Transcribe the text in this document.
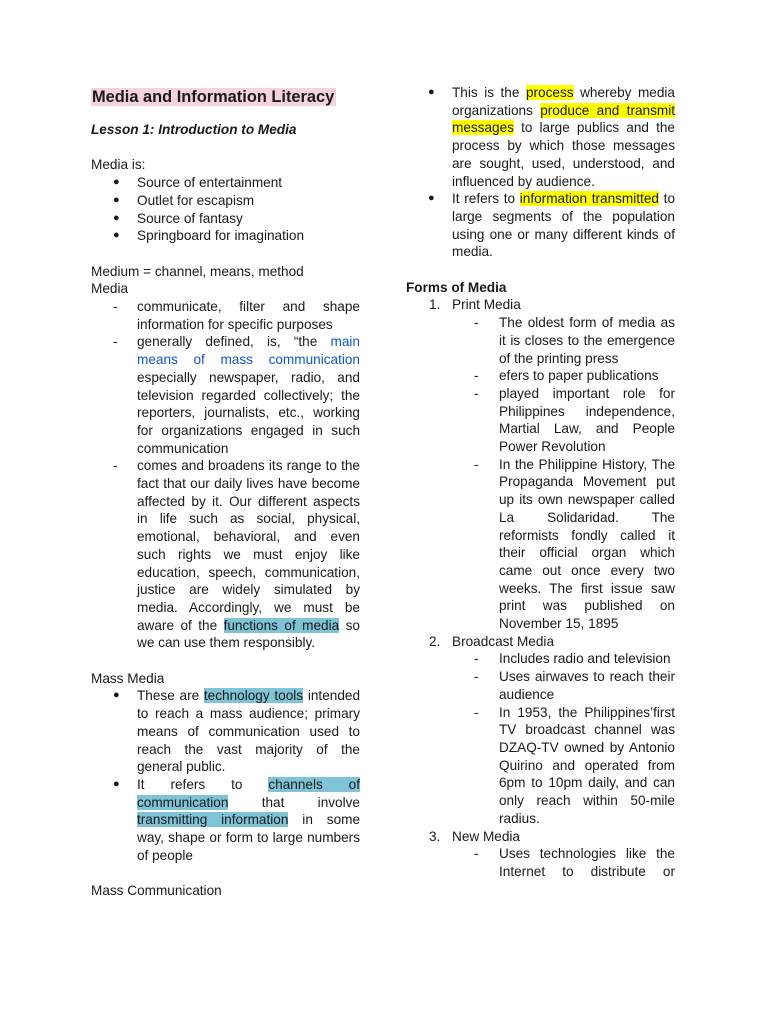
Media and Information Literacy

Lesson 1: Introduction to Media

Media is:

● Source of entertainment

● Outlet for escapism

● Source of fantasy

● Springboard for imagination

Medium = channel, means, method

Media

- communicate, filter and shape information for specific purposes

- generally defined, is, “the main means of mass communication especially newspaper, radio, and television regarded collectively; the reporters, journalists, etc., working for organizations engaged in such communication

- comes and broadens its range to the fact that our daily lives have become affected by it. Our different aspects in life such as social, physical, emotional, behavioral, and even such rights we must enjoy like education, speech, communication, justice are widely simulated by media. Accordingly, we must be aware of the functions of media so we can use them responsibly.

Mass Media

● These are technology tools intended to reach a mass audience; primary means of communication used to reach the vast majority of the general public.

● It refers to channels of communication that involve transmitting information in some way, shape or form to large numbers of people

Mass Communication

● This is the process whereby media organizations produce and transmit messages to large publics and the process by which those messages are sought, used, understood, and influenced by audience.

● It refers to information transmitted to large segments of the population using one or many different kinds of media.

Forms of Media

1. Print Media

- The oldest form of media as it is closes to the emergence of the printing press

- efers to paper publications

- played important role for Philippines independence, Martial Law, and People Power Revolution

- In the Philippine History, The Propaganda Movement put up its own newspaper called La Solidaridad. The reformists fondly called it their official organ which came out once every two weeks. The first issue saw print was published on November 15, 1895

2. Broadcast Media

- Includes radio and television

- Uses airwaves to reach their audience

- In 1953, the Philippines’first TV broadcast channel was DZAQ-TV owned by Antonio Quirino and operated from 6pm to 10pm daily, and can only reach within 50-mile radius.

3. New Media

- Uses technologies like the Internet to distribute or
